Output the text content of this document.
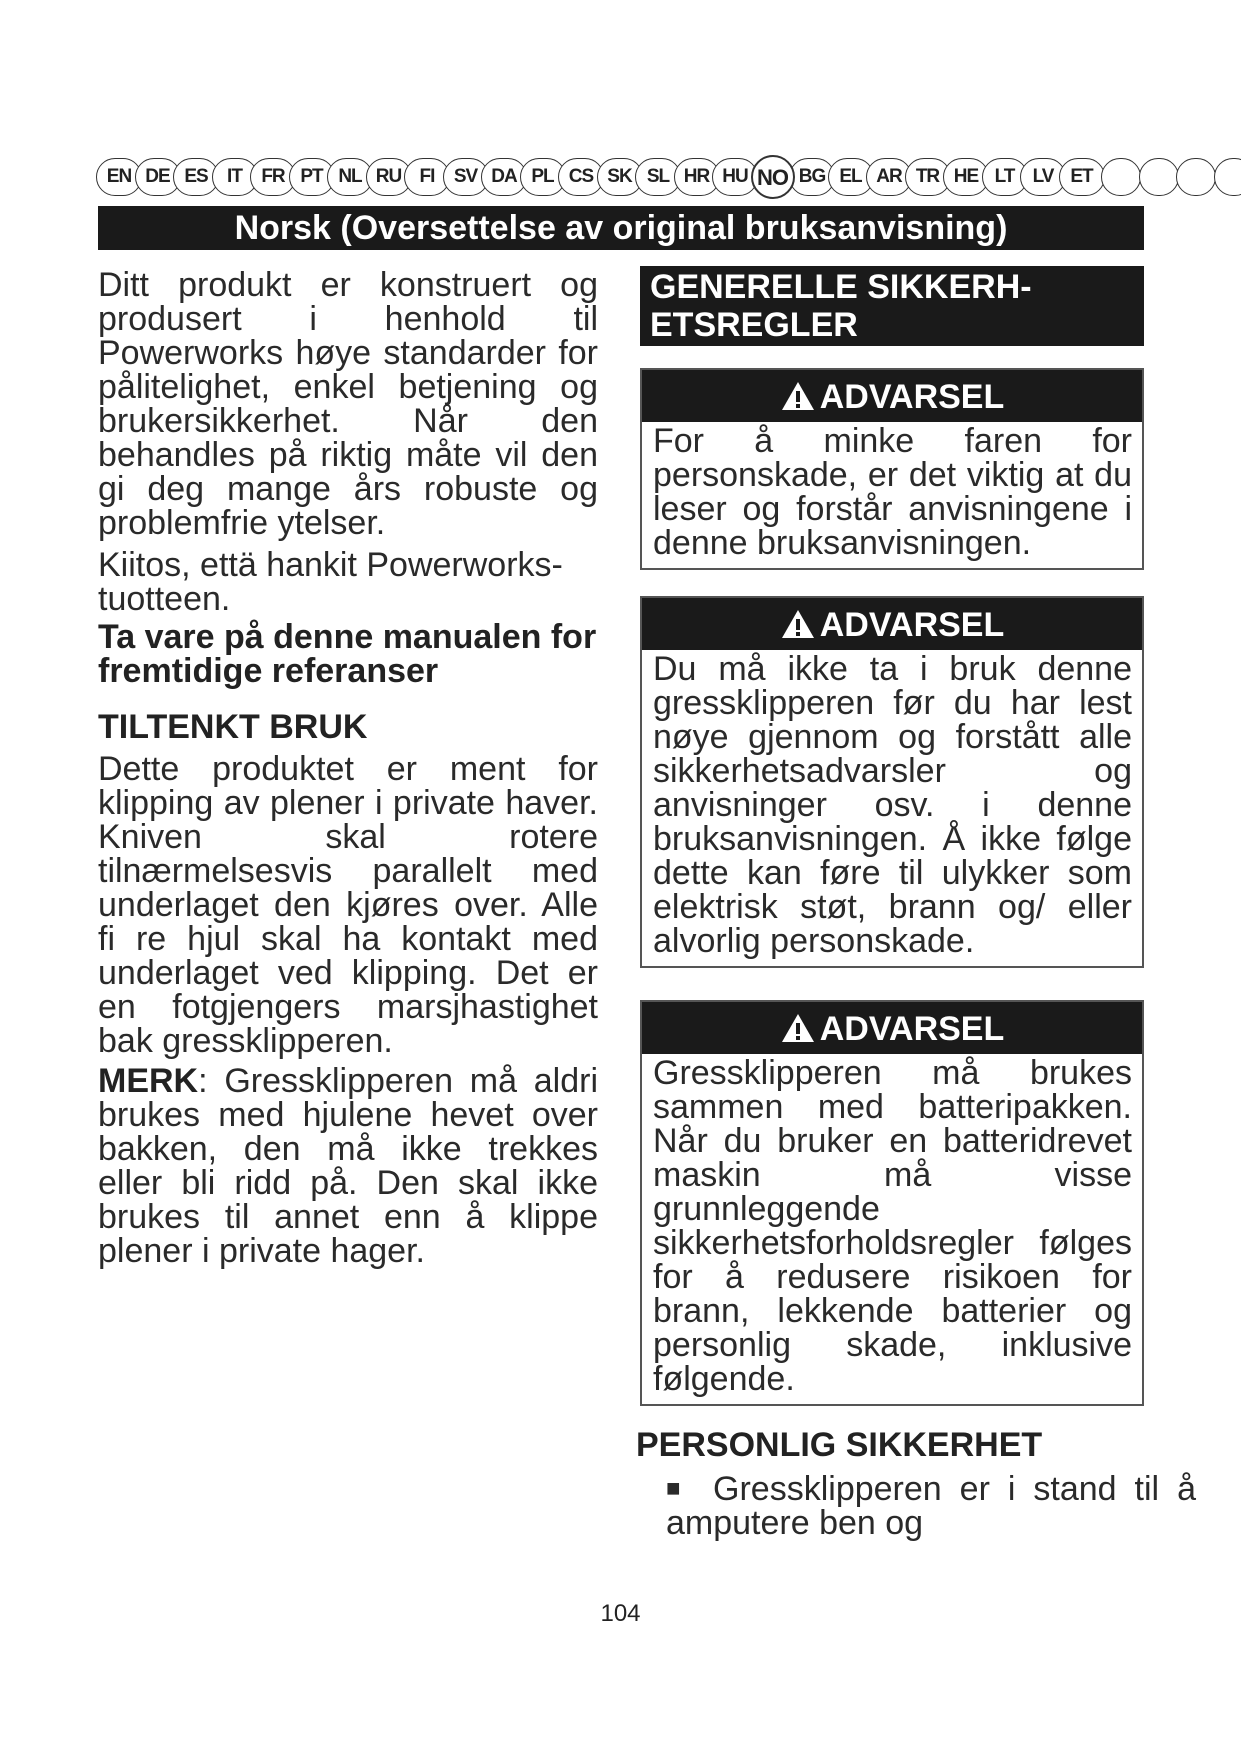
EN DE ES	IT	FR PT NL RU FI	SV DA PL CS SK SL HR HU NO BG EL AR TR HE LT LV ET
Norsk (Oversettelse av original bruksanvisning)

Ditt produkt er konstruert og produsert i henhold til Powerworks høye standarder for pålitelighet, enkel betjening og brukersikkerhet. Når den behandles på riktig måte vil den gi deg mange års robuste og problemfrie ytelser.

Kiitos, että hankit Powerworks-tuotteen.

Ta vare på denne manualen for fremtidige referanser

TILTENKT BRUK

Dette produktet er ment for klipping av plener i private haver. Kniven skal rotere tilnærmelsesvis parallelt med underlaget den kjøres over. Alle fi re hjul skal ha kontakt med underlaget ved klipping. Det er en fotgjengers marsjhastighet bak gressklipperen.

MERK: Gressklipperen må aldri brukes med hjulene hevet over bakken, den må ikke trekkes eller bli ridd på. Den skal ikke brukes til annet enn å klippe plener i private hager.

GENERELLE SIKKERH-
ETSREGLER
ADVARSEL
For å minke faren for personskade, er det viktig at du leser og forstår anvisningene i denne bruksanvisningen.
ADVARSEL
Du må ikke ta i bruk denne gressklipperen før du har lest nøye gjennom og forstått alle sikkerhetsadvarsler og anvisninger osv. i denne bruksanvisningen. Å ikke følge dette kan føre til ulykker som elektrisk støt, brann og/ eller alvorlig personskade.
ADVARSEL
Gressklipperen må brukes sammen med batteripakken. Når du bruker en batteridrevet maskin må visse grunnleggende sikkerhetsforholdsregler følges for å redusere risikoen for brann, lekkende batterier og personlig skade, inklusive følgende.

PERSONLIG SIKKERHET

■ Gressklipperen er i stand til å amputere ben og
104
